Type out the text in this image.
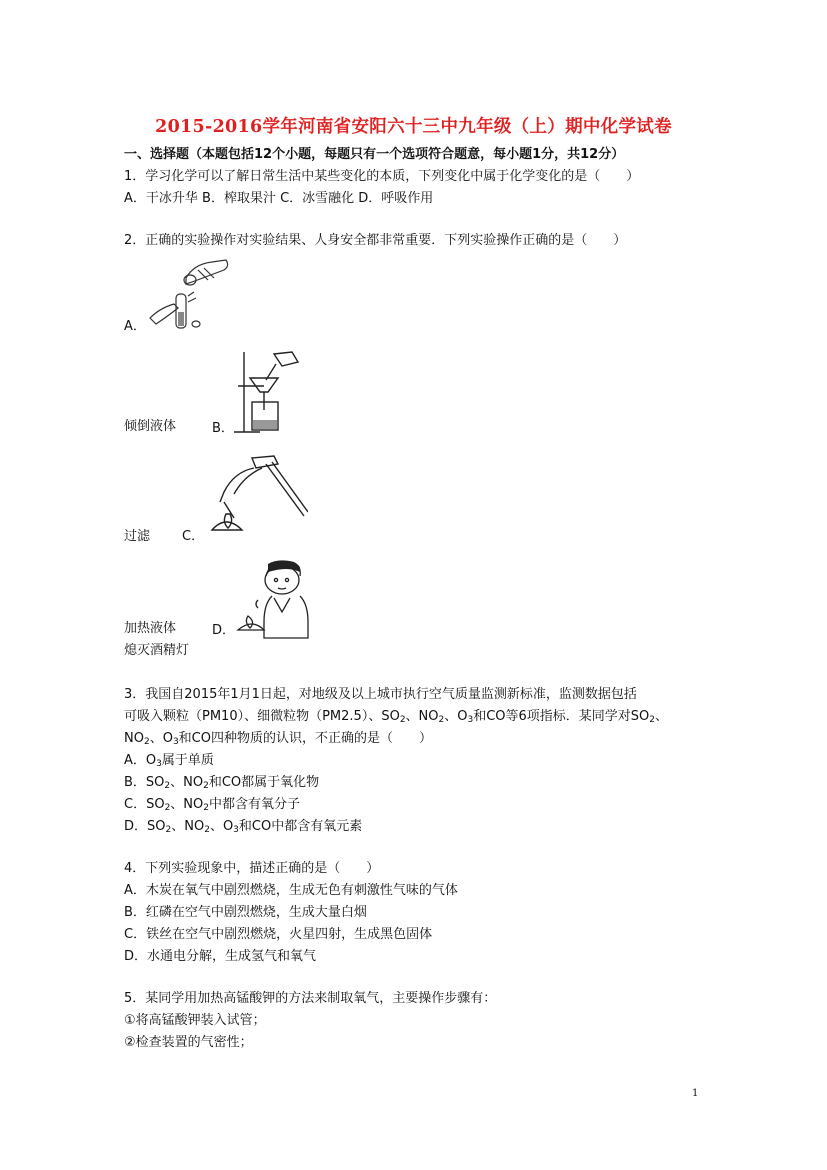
2015-2016学年河南省安阳六十三中九年级（上）期中化学试卷
一、选择题（本题包括12个小题，每题只有一个选项符合题意，每小题1分，共12分）
1．学习化学可以了解日常生活中某些变化的本质，下列变化中属于化学变化的是（　　）
A．干冰升华 B．榨取果汁 C．冰雪融化 D．呼吸作用
2．正确的实验操作对实验结果、人身安全都非常重要．下列实验操作正确的是（　　）
A．
倾倒液体	B．
过滤 C．
加热液体	D．
熄灭酒精灯
3．我国自2015年1月1日起，对地级及以上城市执行空气质量监测新标准，监测数据包括
可吸入颗粒（PM10）、细微粒物（PM2.5）、$SO_2$、$NO_2$、$O_3$和CO等6项指标．某同学对$SO_2$、
$NO_2$、$O_3$和CO四种物质的认识，不正确的是（　　）
A．$O_3$属于单质
B．$SO_2$、$NO_2$和CO都属于氧化物
C．$SO_2$、$NO_2$中都含有氧分子
D．$SO_2$、$NO_2$、$O_3$和CO中都含有氧元素
4．下列实验现象中，描述正确的是（　　）
A．木炭在氧气中剧烈燃烧，生成无色有刺激性气味的气体
B．红磷在空气中剧烈燃烧，生成大量白烟
C．铁丝在空气中剧烈燃烧，火星四射，生成黑色固体
D．水通电分解，生成氢气和氧气
5．某同学用加热高锰酸钾的方法来制取氧气，主要操作步骤有：
①将高锰酸钾装入试管；
②检查装置的气密性；
1
